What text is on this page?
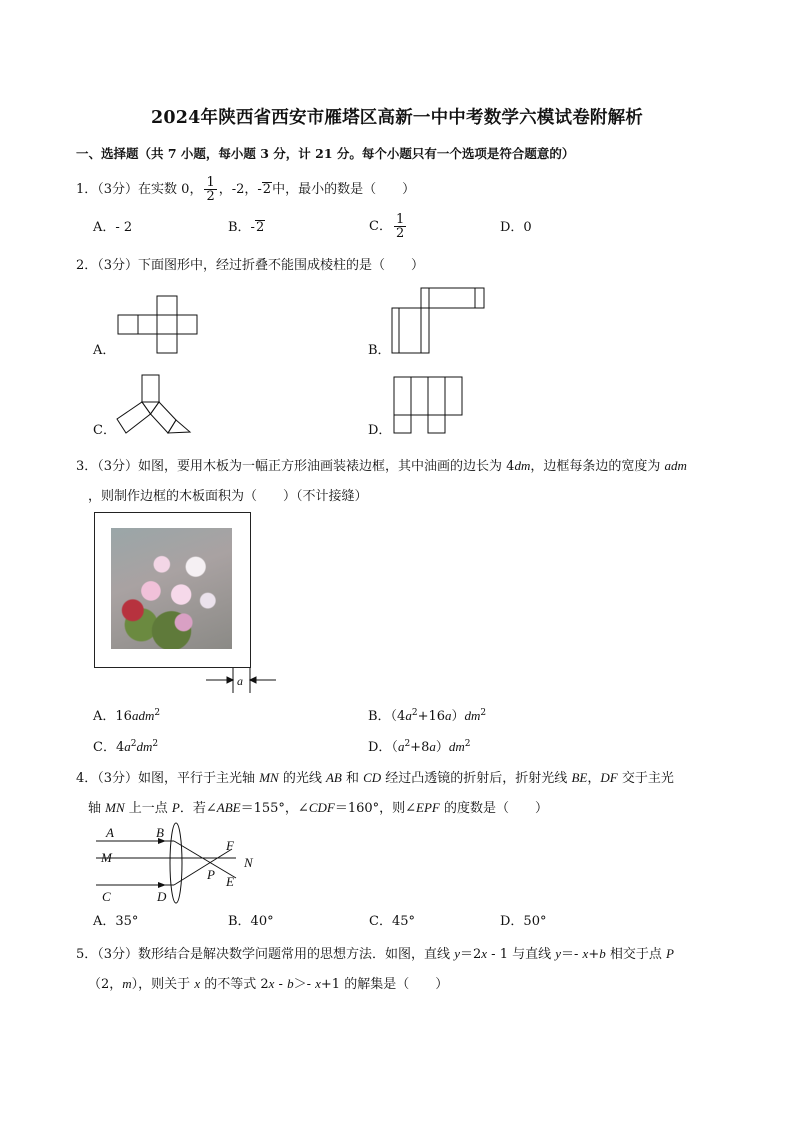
2024年陕西省西安市雁塔区高新一中中考数学六模试卷附解析
一、选择题（共 7 小题，每小题 3 分，计 21 分。每个小题只有一个选项是符合题意的）
1．（3分）在实数 0， $\frac{1}{2}$ ，-2，-2中，最小的数是（　　）
A．- 2	B．-2	C． $\frac{1}{2}$	D．0
2．（3分）下面图形中，经过折叠不能围成棱柱的是（　　）
A．	B．
C．	D．
3．（3分）如图，要用木板为一幅正方形油画装裱边框，其中油画的边长为 4dm，边框每条边的宽度为 adm
，则制作边框的木板面积为（　　）（不计接缝）
a
A．16adm$^2$	B．$(4a^2+16a)dm^2$
C．$4a^2dm^2$	D．$(a^2+8a)dm^2$
4．（3分）如图，平行于主光轴 MN 的光线 AB 和 CD 经过凸透镜的折射后，折射光线 BE，DF 交于主光
轴 MN 上一点 P．若∠ABE＝155°，∠CDF＝160°，则∠EPF 的度数是（　　）
A	B
M
C	D
F
N
P E
A．35°	B．40°	C．45°	D．50°
5．（3分）数形结合是解决数学问题常用的思想方法．如图，直线 y＝2x - 1 与直线 y＝- x+b 相交于点 P
（2，m），则关于 x 的不等式 2x - b＞- x+1 的解集是（　　）
